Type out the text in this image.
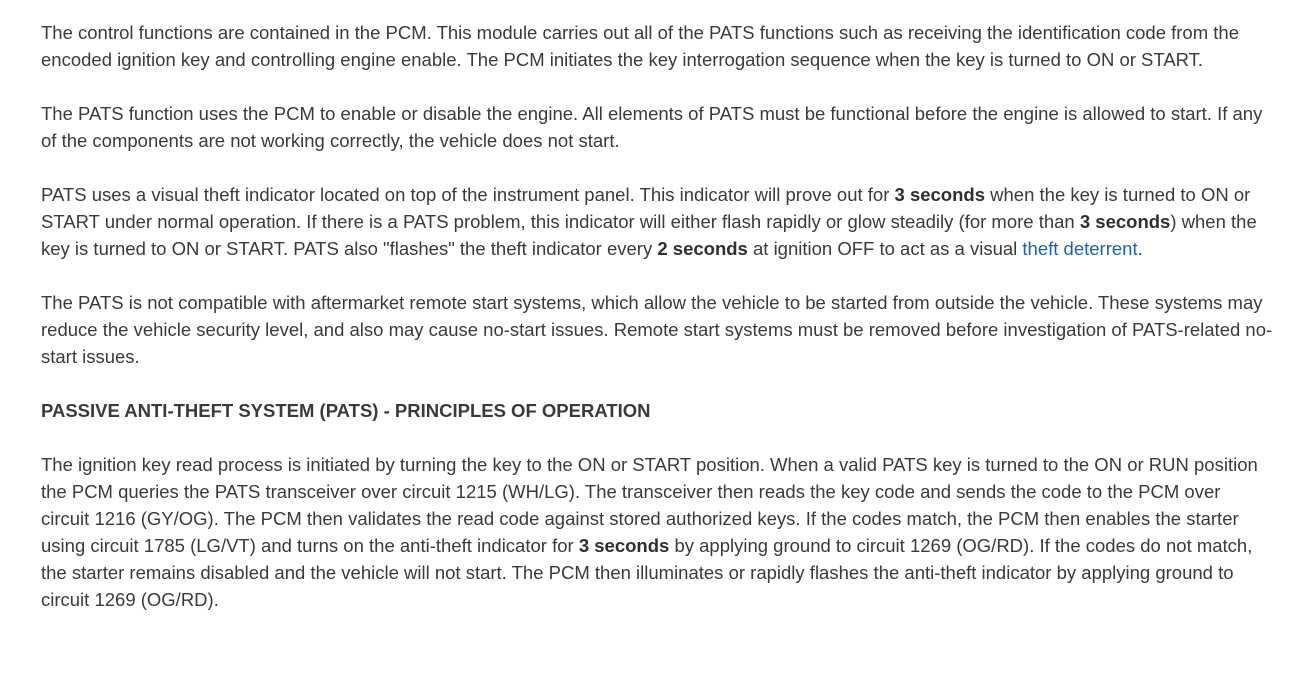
The control functions are contained in the PCM. This module carries out all of the PATS functions such as receiving the identification code from the encoded ignition key and controlling engine enable. The PCM initiates the key interrogation sequence when the key is turned to ON or START.

The PATS function uses the PCM to enable or disable the engine. All elements of PATS must be functional before the engine is allowed to start. If any of the components are not working correctly, the vehicle does not start.

PATS uses a visual theft indicator located on top of the instrument panel. This indicator will prove out for 3 seconds when the key is turned to ON or START under normal operation. If there is a PATS problem, this indicator will either flash rapidly or glow steadily (for more than 3 seconds) when the key is turned to ON or START. PATS also "flashes" the theft indicator every 2 seconds at ignition OFF to act as a visual theft deterrent.

The PATS is not compatible with aftermarket remote start systems, which allow the vehicle to be started from outside the vehicle. These systems may reduce the vehicle security level, and also may cause no-start issues. Remote start systems must be removed before investigation of PATS-related no-start issues.

PASSIVE ANTI-THEFT SYSTEM (PATS) - PRINCIPLES OF OPERATION

The ignition key read process is initiated by turning the key to the ON or START position. When a valid PATS key is turned to the ON or RUN position the PCM queries the PATS transceiver over circuit 1215 (WH/LG). The transceiver then reads the key code and sends the code to the PCM over circuit 1216 (GY/OG). The PCM then validates the read code against stored authorized keys. If the codes match, the PCM then enables the starter using circuit 1785 (LG/VT) and turns on the anti-theft indicator for 3 seconds by applying ground to circuit 1269 (OG/RD). If the codes do not match, the starter remains disabled and the vehicle will not start. The PCM then illuminates or rapidly flashes the anti-theft indicator by applying ground to circuit 1269 (OG/RD).
